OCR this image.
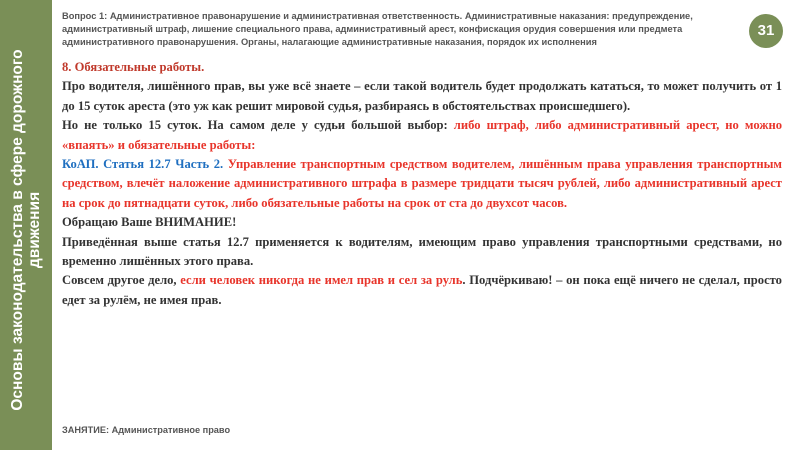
Основы законодательства в сфере дорожного движения
Вопрос 1: Административное правонарушение и административная ответственность. Административные наказания: предупреждение, административный штраф, лишение специального права, административный арест, конфискация орудия совершения или предмета административного правонарушения. Органы, налагающие административные наказания, порядок их исполнения
31

8. Обязательные работы.

Про водителя, лишённого прав, вы уже всё знаете – если такой водитель будет продолжать кататься, то может получить от 1 до 15 суток ареста (это уж как решит мировой судья, разбираясь в обстоятельствах происшедшего).

Но не только 15 суток. На самом деле у судьи большой выбор: либо штраф, либо административный арест, но можно «впаять» и обязательные работы:

КоАП. Статья 12.7 Часть 2. Управление транспортным средством водителем, лишённым права управления транспортным средством, влечёт наложение административного штрафа в размере тридцати тысяч рублей, либо административный арест на срок до пятнадцати суток, либо обязательные работы на срок от ста до двухсот часов.

Обращаю Ваше ВНИМАНИЕ!

Приведённая выше статья 12.7 применяется к водителям, имеющим право управления транспортными средствами, но временно лишённых этого права.

Совсем другое дело, если человек никогда не имел прав и сел за руль. Подчёркиваю! – он пока ещё ничего не сделал, просто едет за рулём, не имея прав.

ЗАНЯТИЕ: Административное право
